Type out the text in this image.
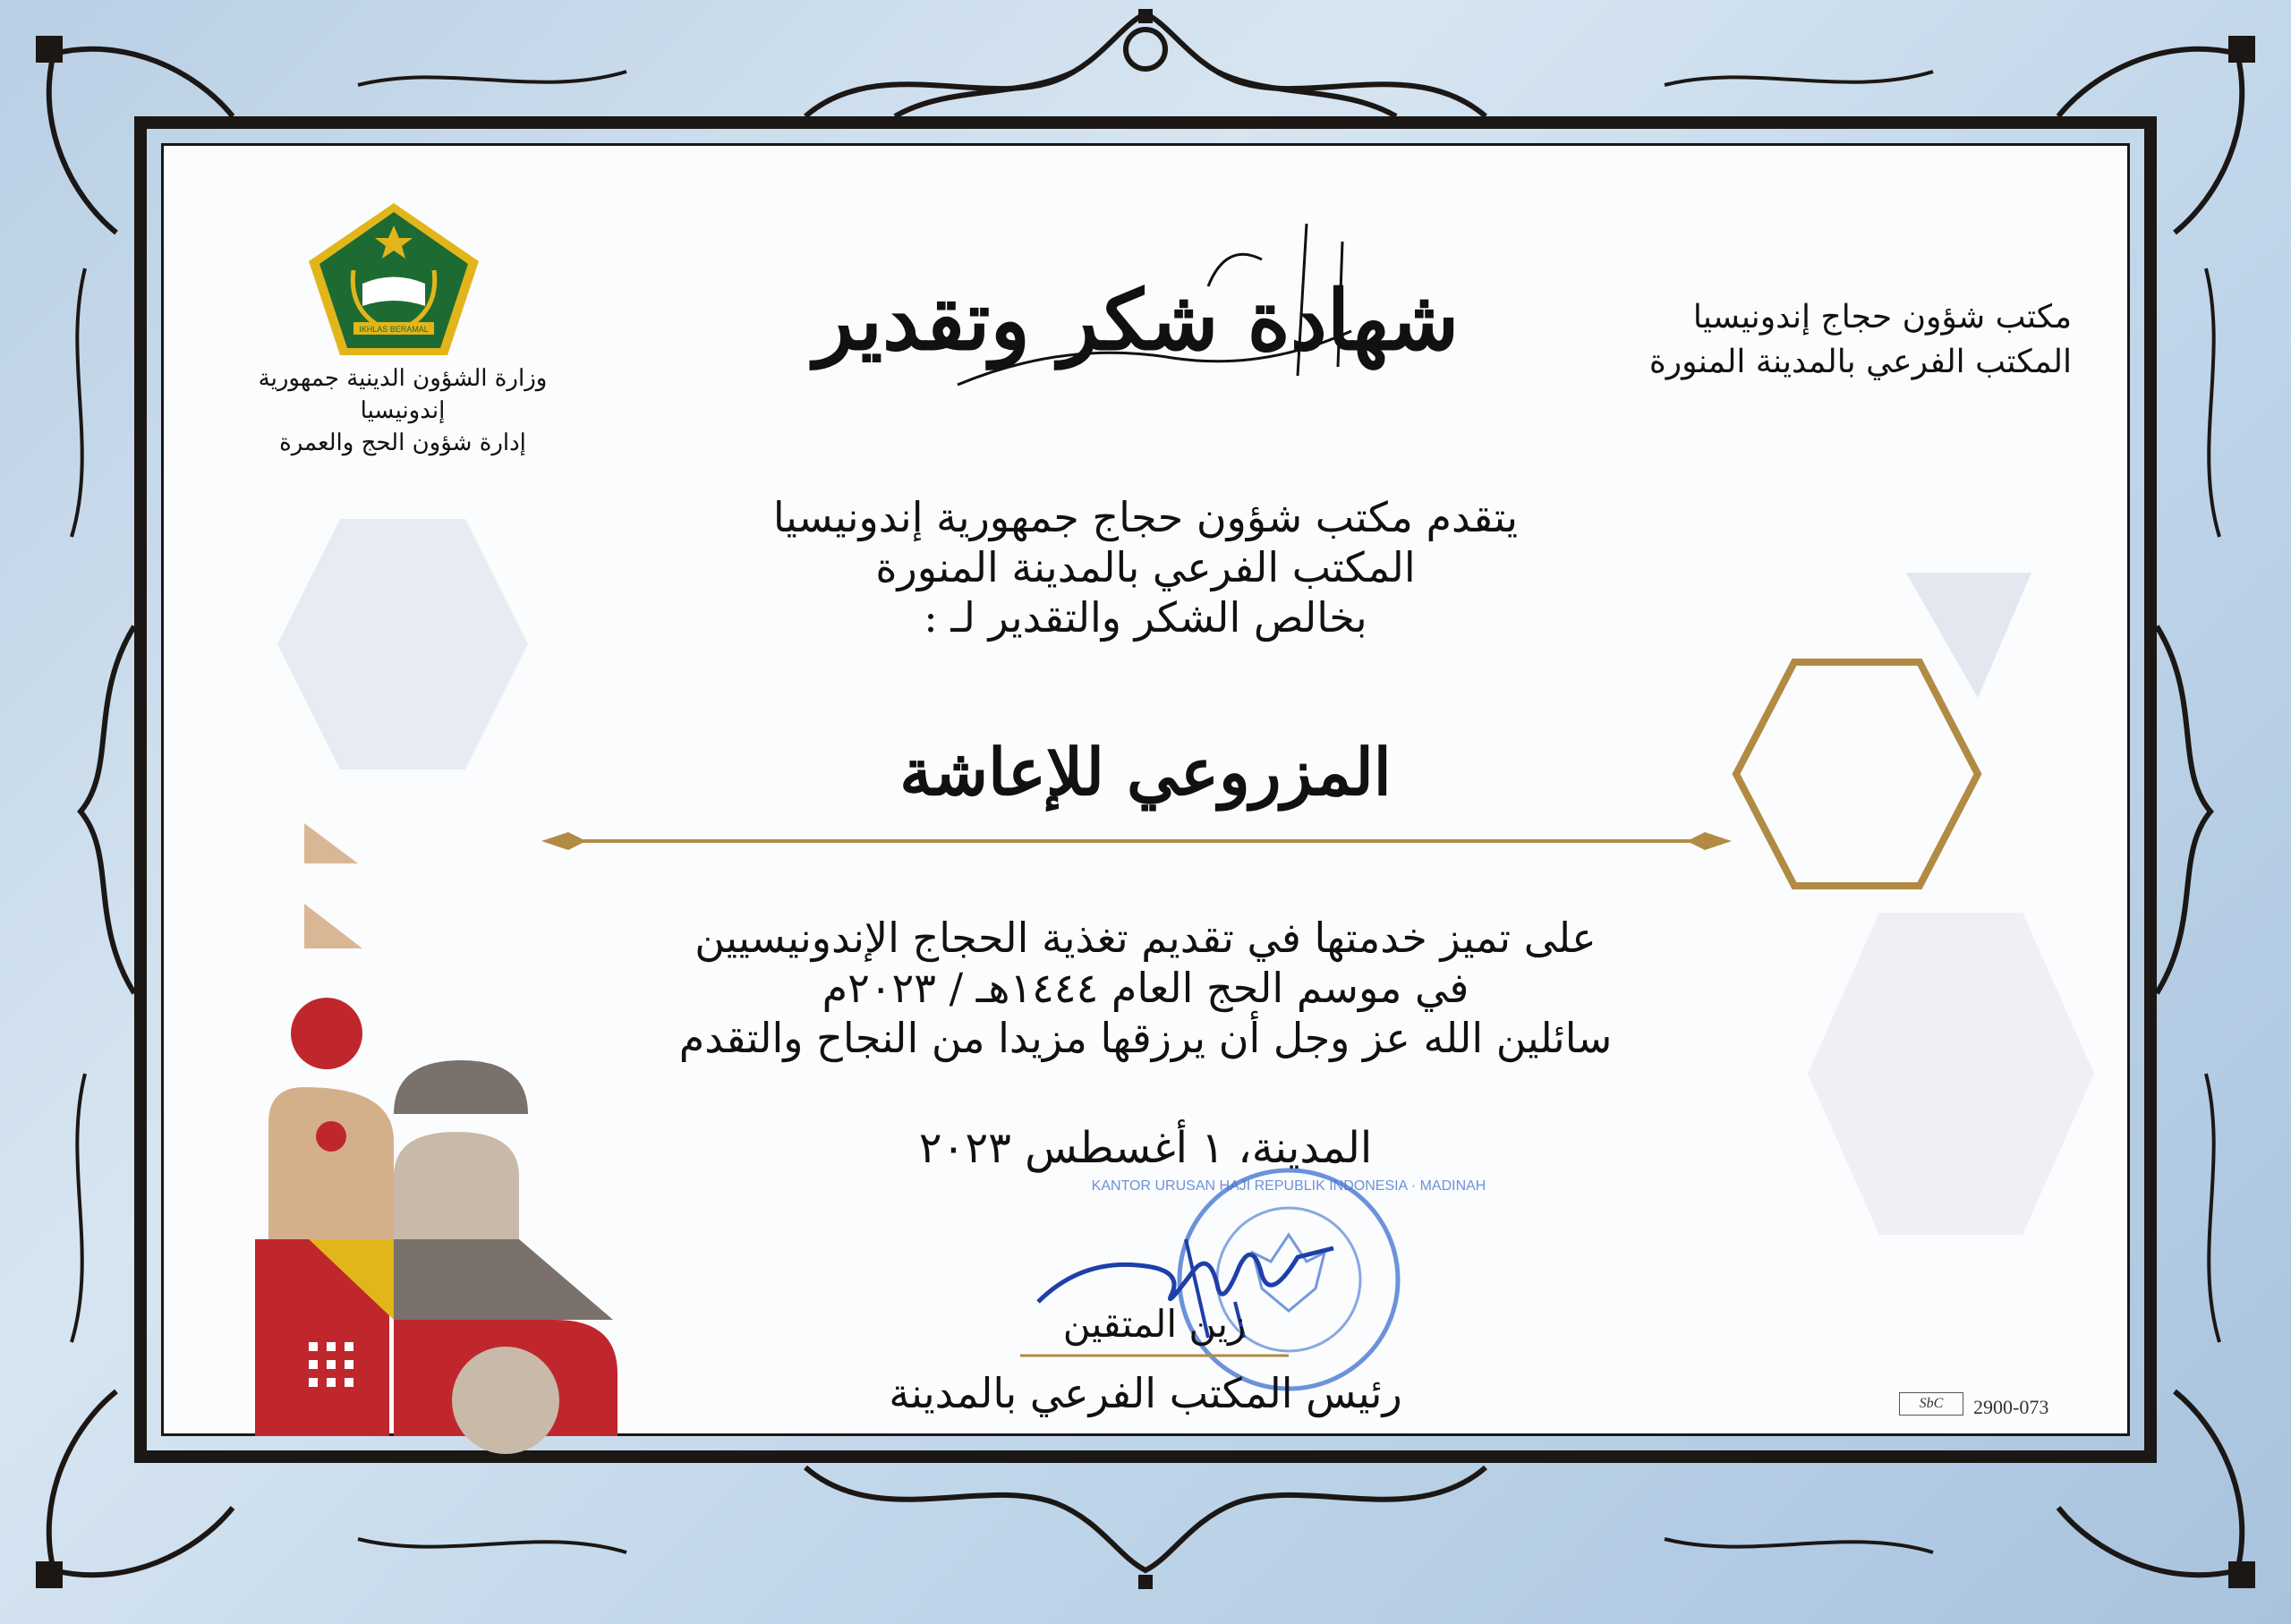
مكتب شؤون حجاج إندونيسيا
المكتب الفرعي بالمدينة المنورة
IKHLAS BERAMAL
وزارة الشؤون الدينية جمهورية إندونيسيا
إدارة شؤون الحج والعمرة
شهادة شكر وتقدير
يتقدم مكتب شؤون حجاج جمهورية إندونيسيا
المكتب الفرعي بالمدينة المنورة
بخالص الشكر والتقدير لـ :
المزروعي للإعاشة
على تميز خدمتها في تقديم تغذية الحجاج الإندونيسيين
في موسم الحج العام ١٤٤٤هـ / ٢٠٢٣م
سائلين الله عز وجل أن يرزقها مزيدا من النجاح والتقدم
المدينة، ١ أغسطس ٢٠٢٣
KANTOR URUSAN HAJI REPUBLIK INDONESIA · MADINAH
زين المتقين
رئيس المكتب الفرعي بالمدينة	SbC	2900-073
